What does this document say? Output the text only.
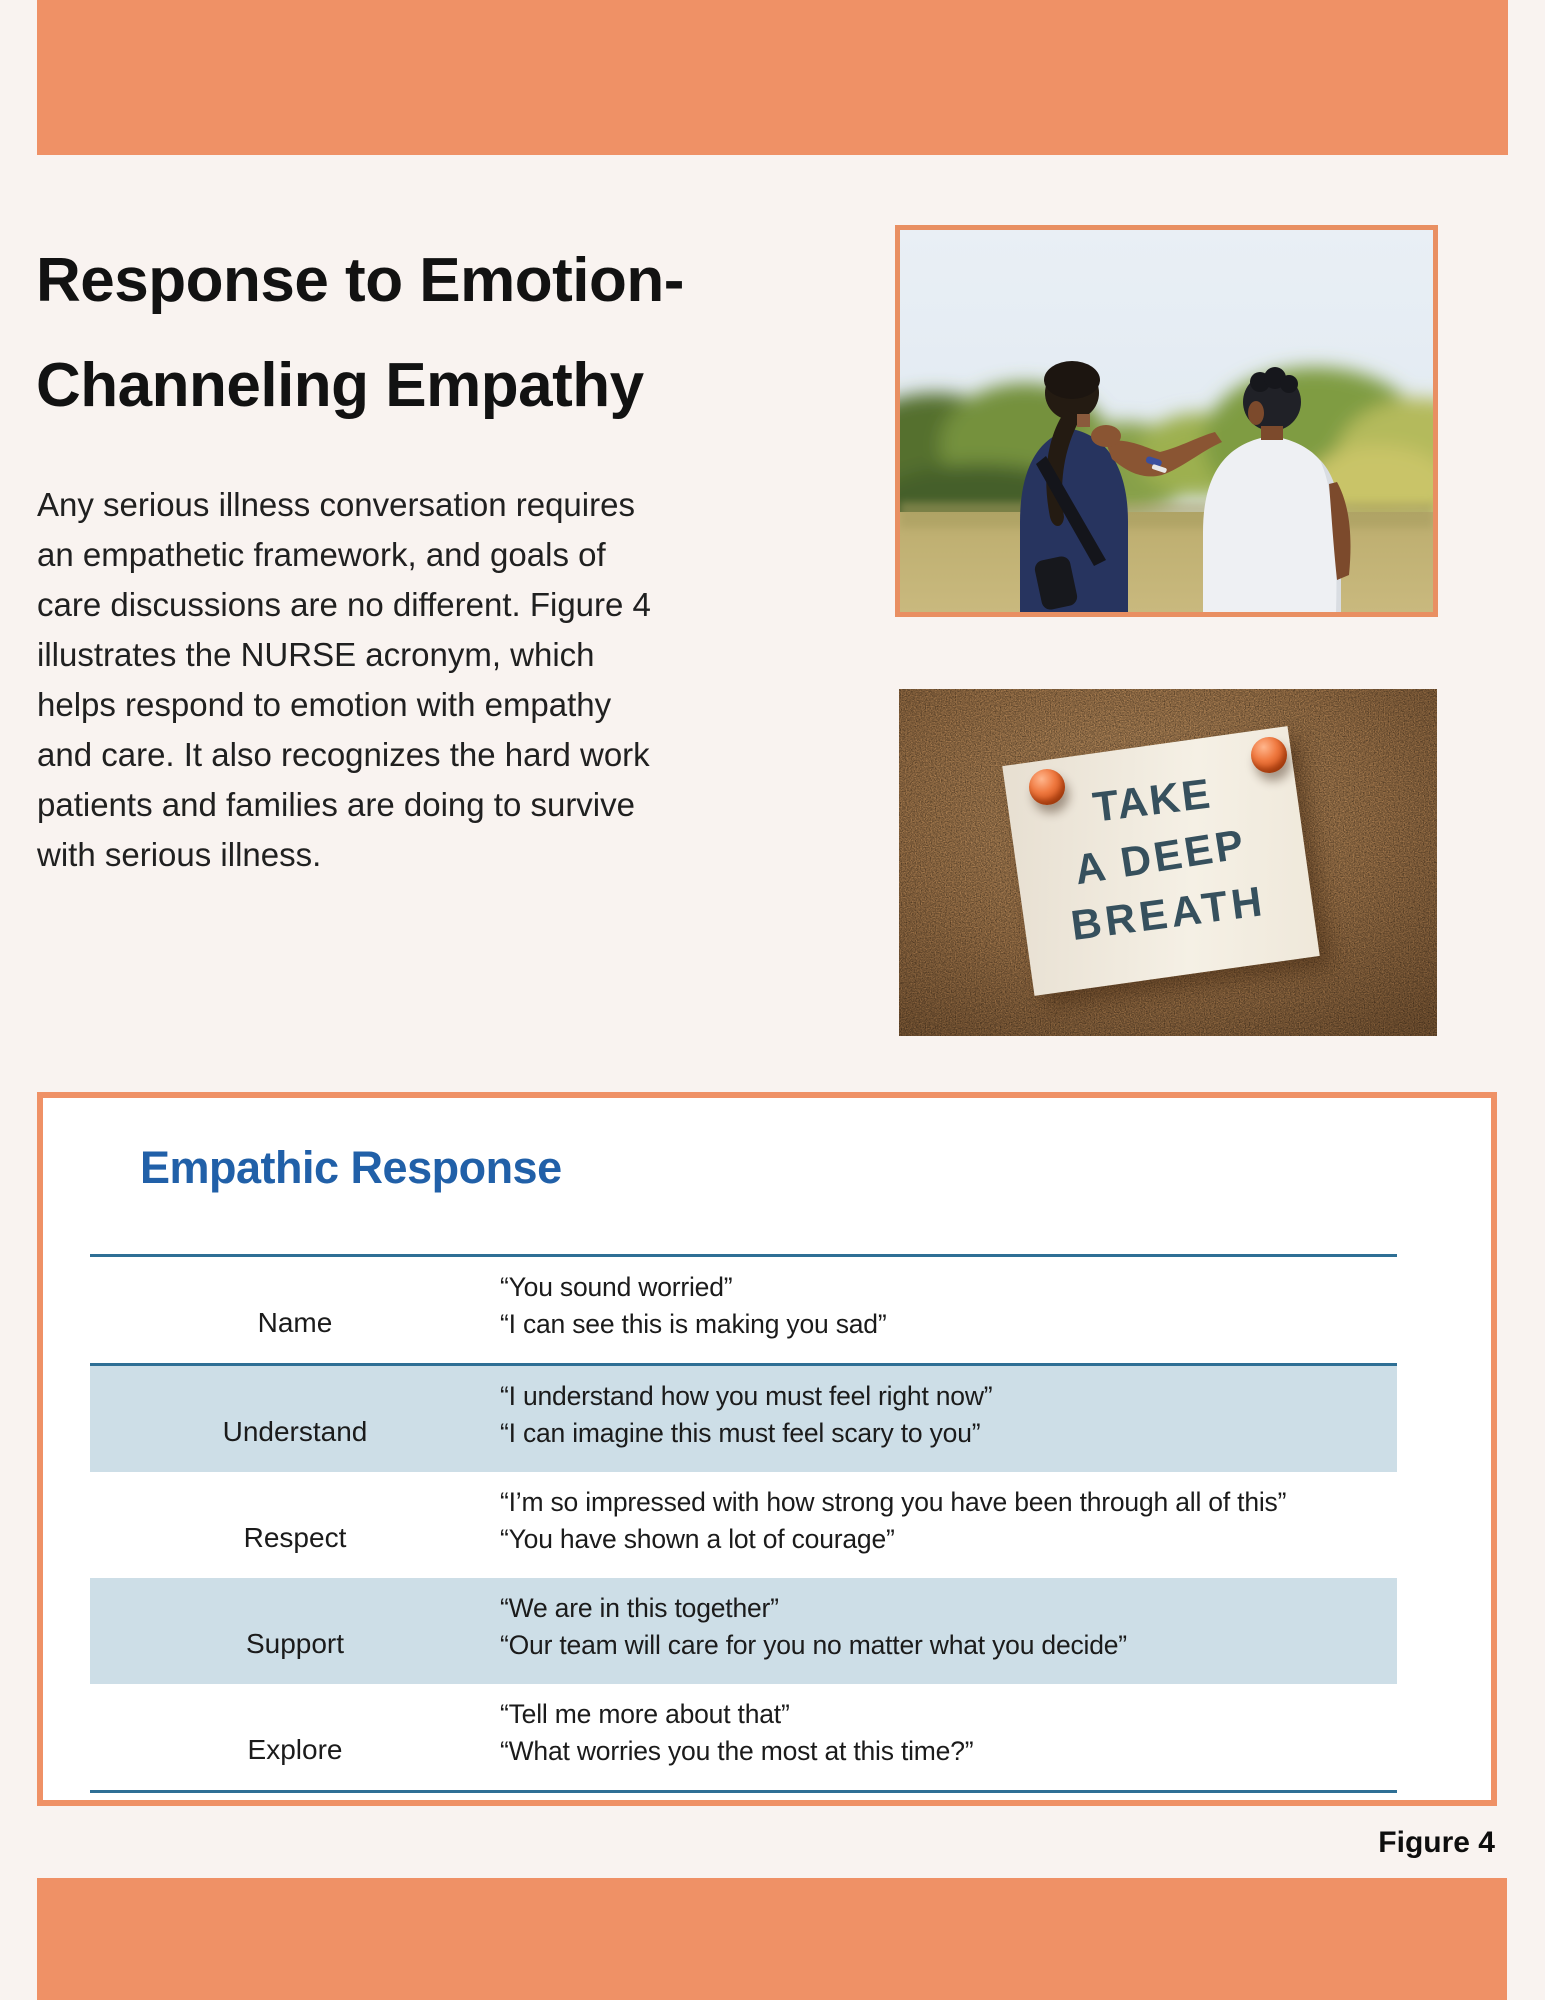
Response to Emotion-
Channeling Empathy
Any serious illness conversation requires
an empathetic framework, and goals of
care discussions are no different. Figure 4
illustrates the NURSE acronym, which
helps respond to emotion with empathy
and care. It also recognizes the hard work
patients and families are doing to survive
with serious illness.
TAKE
A DEEP
BREATH
Empathic Response
Name
“You sound worried”
“I can see this is making you sad”
Understand
“I understand how you must feel right now”
“I can imagine this must feel scary to you”
Respect
“I’m so impressed with how strong you have been through all of this”
“You have shown a lot of courage”
Support
“We are in this together”
“Our team will care for you no matter what you decide”
Explore
“Tell me more about that”
“What worries you the most at this time?”
Figure 4
